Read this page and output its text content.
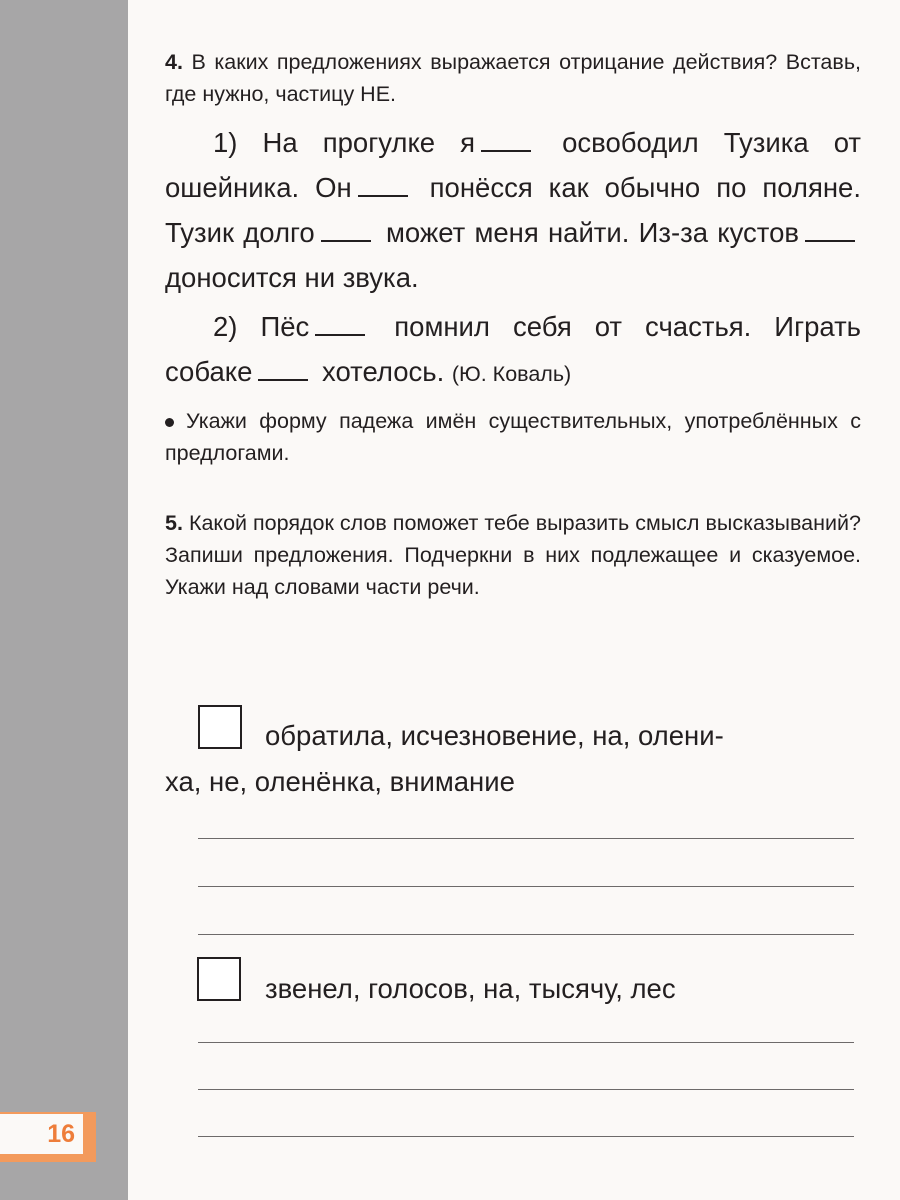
16
4. В каких предложениях выражается отрицание действия? Вставь, где нужно, частицу НЕ.

1) На прогулке я	освободил Тузика от ошейника. Он	понёсся как обычно по поляне. Тузик долго	может меня найти. Из-за кустов доносится ни звука.

2) Пёс	помнил себя от счастья. Играть собаке	хотелось. (Ю. Коваль)

Укажи форму падежа имён существительных, употреблённых с предлогами.
5. Какой порядок слов поможет тебе выразить смысл высказываний? Запиши предложения. Подчеркни в них подлежащее и сказуемое. Укажи над словами части речи.
обратила, исчезновение, на, олени-
ха, не, оленёнка, внимание
звенел, голосов, на, тысячу, лес
